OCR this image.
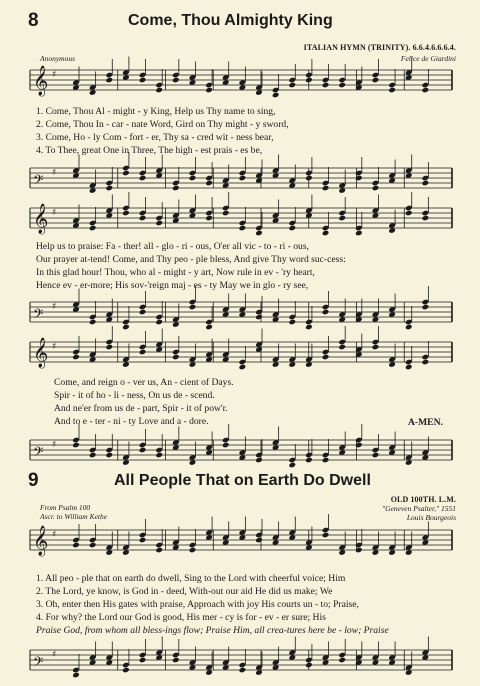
8	Come, Thou Almighty King
ITALIAN HYMN (TRINITY). 6.6.4.6.6.6.4.
Felice de Giardini
Anonymous
𝄞 ♯
1. Come, Thou Al - might - y King, Help us Thy name to sing,
2. Come, Thou In - car - nate Word, Gird on Thy might - y sword,
3. Come, Ho - ly Com - fort - er, Thy sa - cred wit - ness bear,
4. To Thee, great One in Three, The high - est prais - es be,
𝄢 ♯
𝄞 ♯
Help us to praise: Fa - ther! all - glo - ri - ous, O'er all vic - to - ri - ous,
Our prayer at-tend! Come, and Thy peo - ple bless, And give Thy word suc-cess:
In this glad hour! Thou, who al - might - y art, Now rule in ev - 'ry heart,
Hence ev - er-more; His sov-'reign maj - es - ty May we in glo - ry see,
𝄢 ♯
𝄞 ♯
Come, and reign o - ver us, An - cient of Days.
Spir - it of ho - li - ness, On us de - scend.
And ne'er from us de - part, Spir - it of pow'r.
And to e - ter - ni - ty Love and a - dore.	A-MEN.
𝄢 ♯
9	All People That on Earth Do Dwell
From Psalm 100
Ascr. to William Kethe
OLD 100TH. L.M.
"Geneven Psalter," 1551
Louis Bourgeois
𝄞 ♯
1. All peo - ple that on earth do dwell, Sing to the Lord with cheerful voice; Him
2. The Lord, ye know, is God in - deed, With-out our aid He did us make; We
3. Oh, enter then His gates with praise, Approach with joy His courts un - to; Praise,
4. For why? the Lord our God is good, His mer - cy is for - ev - er sure; His
Praise God, from whom all bless-ings flow; Praise Him, all crea-tures here be - low; Praise
𝄢 ♯
